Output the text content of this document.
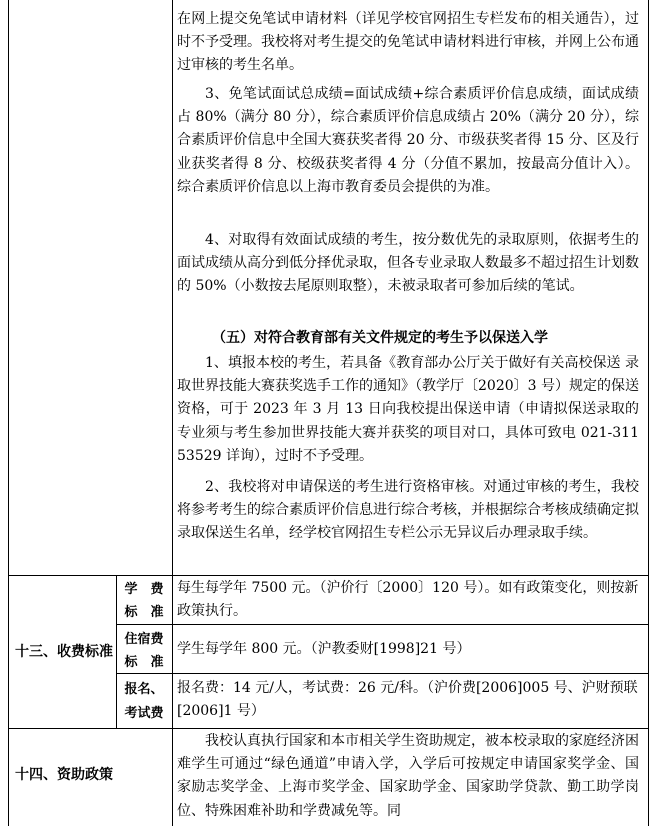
在网上提交免笔试申请材料（详见学校官网招生专栏发布的相关通告），过时不予受理。我校将对考生提交的免笔试申请材料进行审核，并网上公布通过审核的考生名单。

3、免笔试面试总成绩=面试成绩+综合素质评价信息成绩，面试成绩占 80%（满分 80 分），综合素质评价信息成绩占 20%（满分 20 分），综合素质评价信息中全国大赛获奖者得 20 分、市级获奖者得 15 分、区及行业获奖者得 8 分、校级获奖者得 4 分（分值不累加，按最高分值计入）。综合素质评价信息以上海市教育委员会提供的为准。

4、对取得有效面试成绩的考生，按分数优先的录取原则，依据考生的面试成绩从高分到低分择优录取，但各专业录取人数最多不超过招生计划数的 50%（小数按去尾原则取整），未被录取者可参加后续的笔试。

（五）对符合教育部有关文件规定的考生予以保送入学

1、填报本校的考生，若具备《教育部办公厅关于做好有关高校保送 录取世界技能大赛获奖选手工作的通知》（教学厅〔2020〕3 号）规定的保送资格，可于 2023 年 3 月 13 日向我校提出保送申请（申请拟保送录取的专业须与考生参加世界技能大赛并获奖的项目对口，具体可致电 021-31153529 详询），过时不予受理。

2、我校将对申请保送的考生进行资格审核。对通过审核的考生，我校将参考考生的综合素质评价信息进行综合考核，并根据综合考核成绩确定拟录取保送生名单，经学校官网招生专栏公示无异议后办理录取手续。

十三、收费标准

学　费

标　准

每生每学年 7500 元。（沪价行〔2000〕120 号）。如有政策变化，则按新政策执行。

住宿费

标　准

学生每学年 800 元。（沪教委财[1998]21 号）

报名、

考试费

报名费：14 元/人，考试费：26 元/科。（沪价费[2006]005 号、沪财预联[2006]1 号）

十四、资助政策

我校认真执行国家和本市相关学生资助规定，被本校录取的家庭经济困难学生可通过“绿色通道”申请入学，入学后可按规定申请国家奖学金、国家励志奖学金、上海市奖学金、国家助学金、国家助学贷款、勤工助学岗位、特殊困难补助和学费减免等。同
